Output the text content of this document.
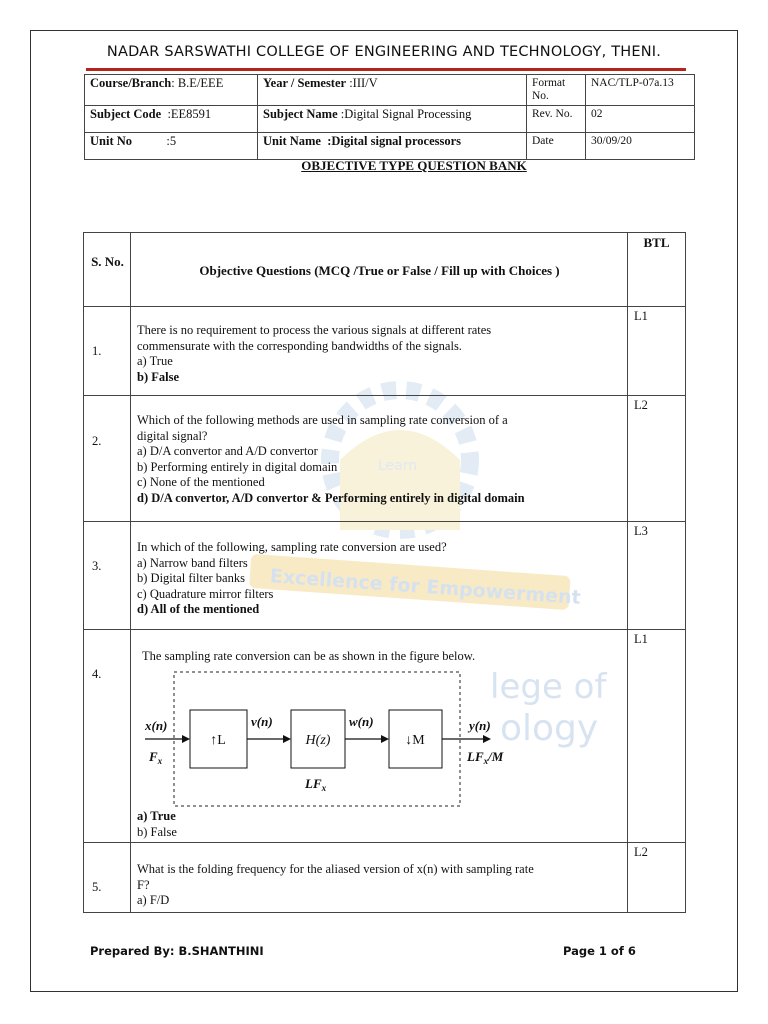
NADAR SARSWATHI COLLEGE OF ENGINEERING AND TECHNOLOGY, THENI.
Course/Branch: B.E/EEE	Year / Semester :III/V	Format No.	NAC/TLP-07a.13
Subject Code :EE8591	Subject Name :Digital Signal Processing	Rev. No.	02
Unit No :5	Unit Name :Digital signal processors	Date	30/09/20
OBJECTIVE TYPE QUESTION BANK
Excellence for Empowerment
lege of
ology
Learn
S. No.
Objective Questions (MCQ /True or False / Fill up with Choices )
BTL
1.
There is no requirement to process the various signals at different rates
commensurate with the corresponding bandwidths of the signals.
a) True
b) False
L1
2.
Which of the following methods are used in sampling rate conversion of a
digital signal?
a) D/A convertor and A/D convertor
b) Performing entirely in digital domain
c) None of the mentioned
d) D/A convertor, A/D convertor & Performing entirely in digital domain
L2
3.
In which of the following, sampling rate conversion are used?
a) Narrow band filters
b) Digital filter banks
c) Quadrature mirror filters
d) All of the mentioned
L3
4.
The sampling rate conversion can be as shown in the figure below.
x(n)
$F_x$
v(n)	w(n)	y(n)
$LF_x/M$
$LF_x$
↑L	H(z)	↓M
a) True
b) False
L1
5.
What is the folding frequency for the aliased version of x(n) with sampling rate
F?
a) F/D
L2
Prepared By: B.SHANTHINI	Page 1 of 6
